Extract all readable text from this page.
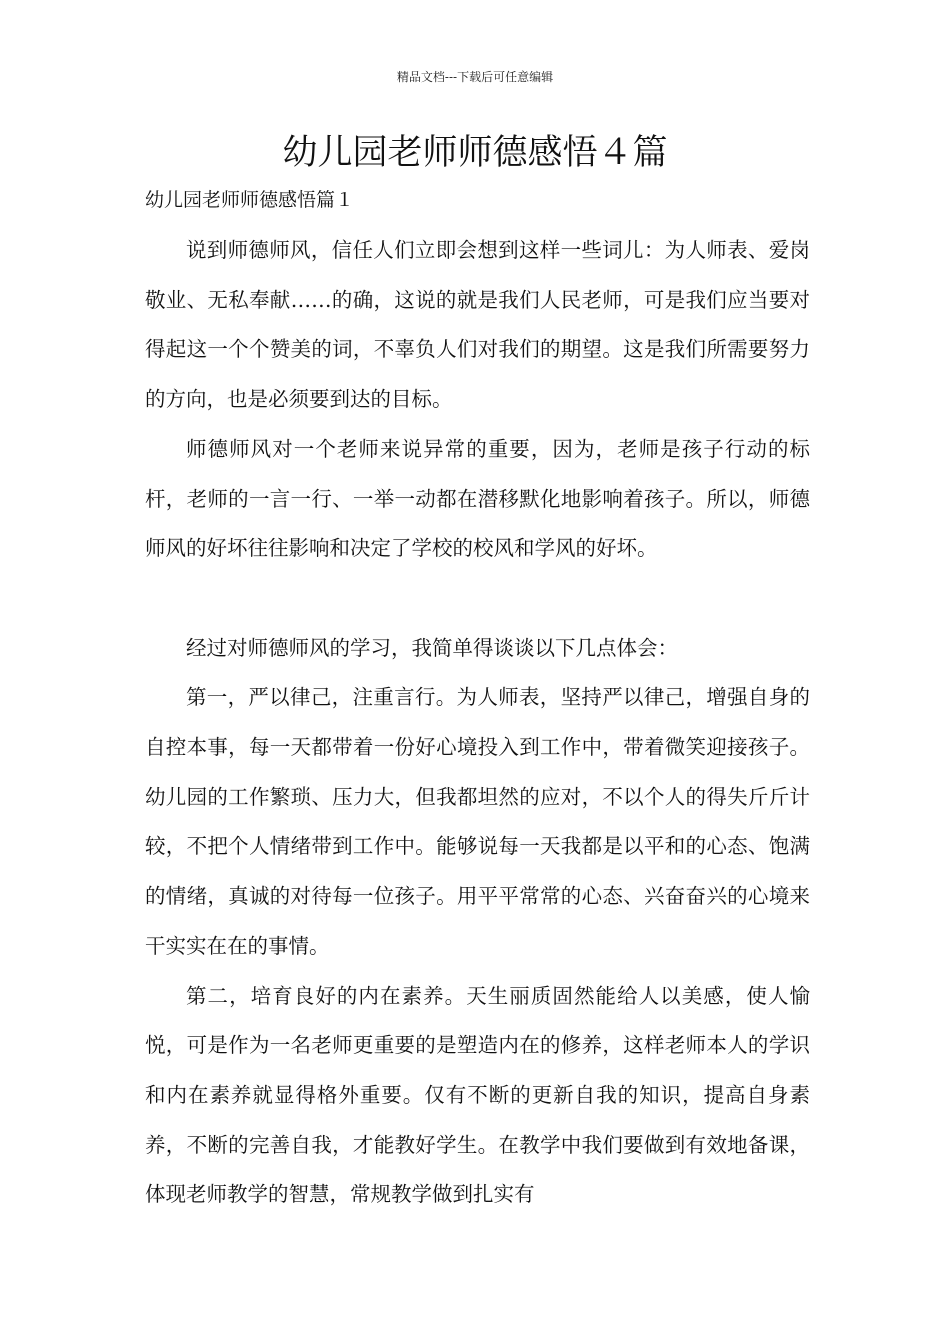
精品文档---下载后可任意编辑
幼儿园老师师德感悟４篇
幼儿园老师师德感悟篇１

说到师德师风，信任人们立即会想到这样一些词儿：为人师表、爱岗敬业、无私奉献……的确，这说的就是我们人民老师，可是我们应当要对得起这一个个赞美的词，不辜负人们对我们的期望。这是我们所需要努力的方向，也是必须要到达的目标。

师德师风对一个老师来说异常的重要，因为，老师是孩子行动的标杆，老师的一言一行、一举一动都在潜移默化地影响着孩子。所以，师德师风的好坏往往影响和决定了学校的校风和学风的好坏。

经过对师德师风的学习，我简单得谈谈以下几点体会：

第一，严以律己，注重言行。为人师表，坚持严以律己，增强自身的自控本事，每一天都带着一份好心境投入到工作中，带着微笑迎接孩子。幼儿园的工作繁琐、压力大，但我都坦然的应对，不以个人的得失斤斤计较，不把个人情绪带到工作中。能够说每一天我都是以平和的心态、饱满的情绪，真诚的对待每一位孩子。用平平常常的心态、兴奋奋兴的心境来干实实在在的事情。

第二，培育良好的内在素养。天生丽质固然能给人以美感，使人愉悦，可是作为一名老师更重要的是塑造内在的修养，这样老师本人的学识和内在素养就显得格外重要。仅有不断的更新自我的知识，提高自身素养，不断的完善自我，才能教好学生。在教学中我们要做到有效地备课，体现老师教学的智慧，常规教学做到扎实有
